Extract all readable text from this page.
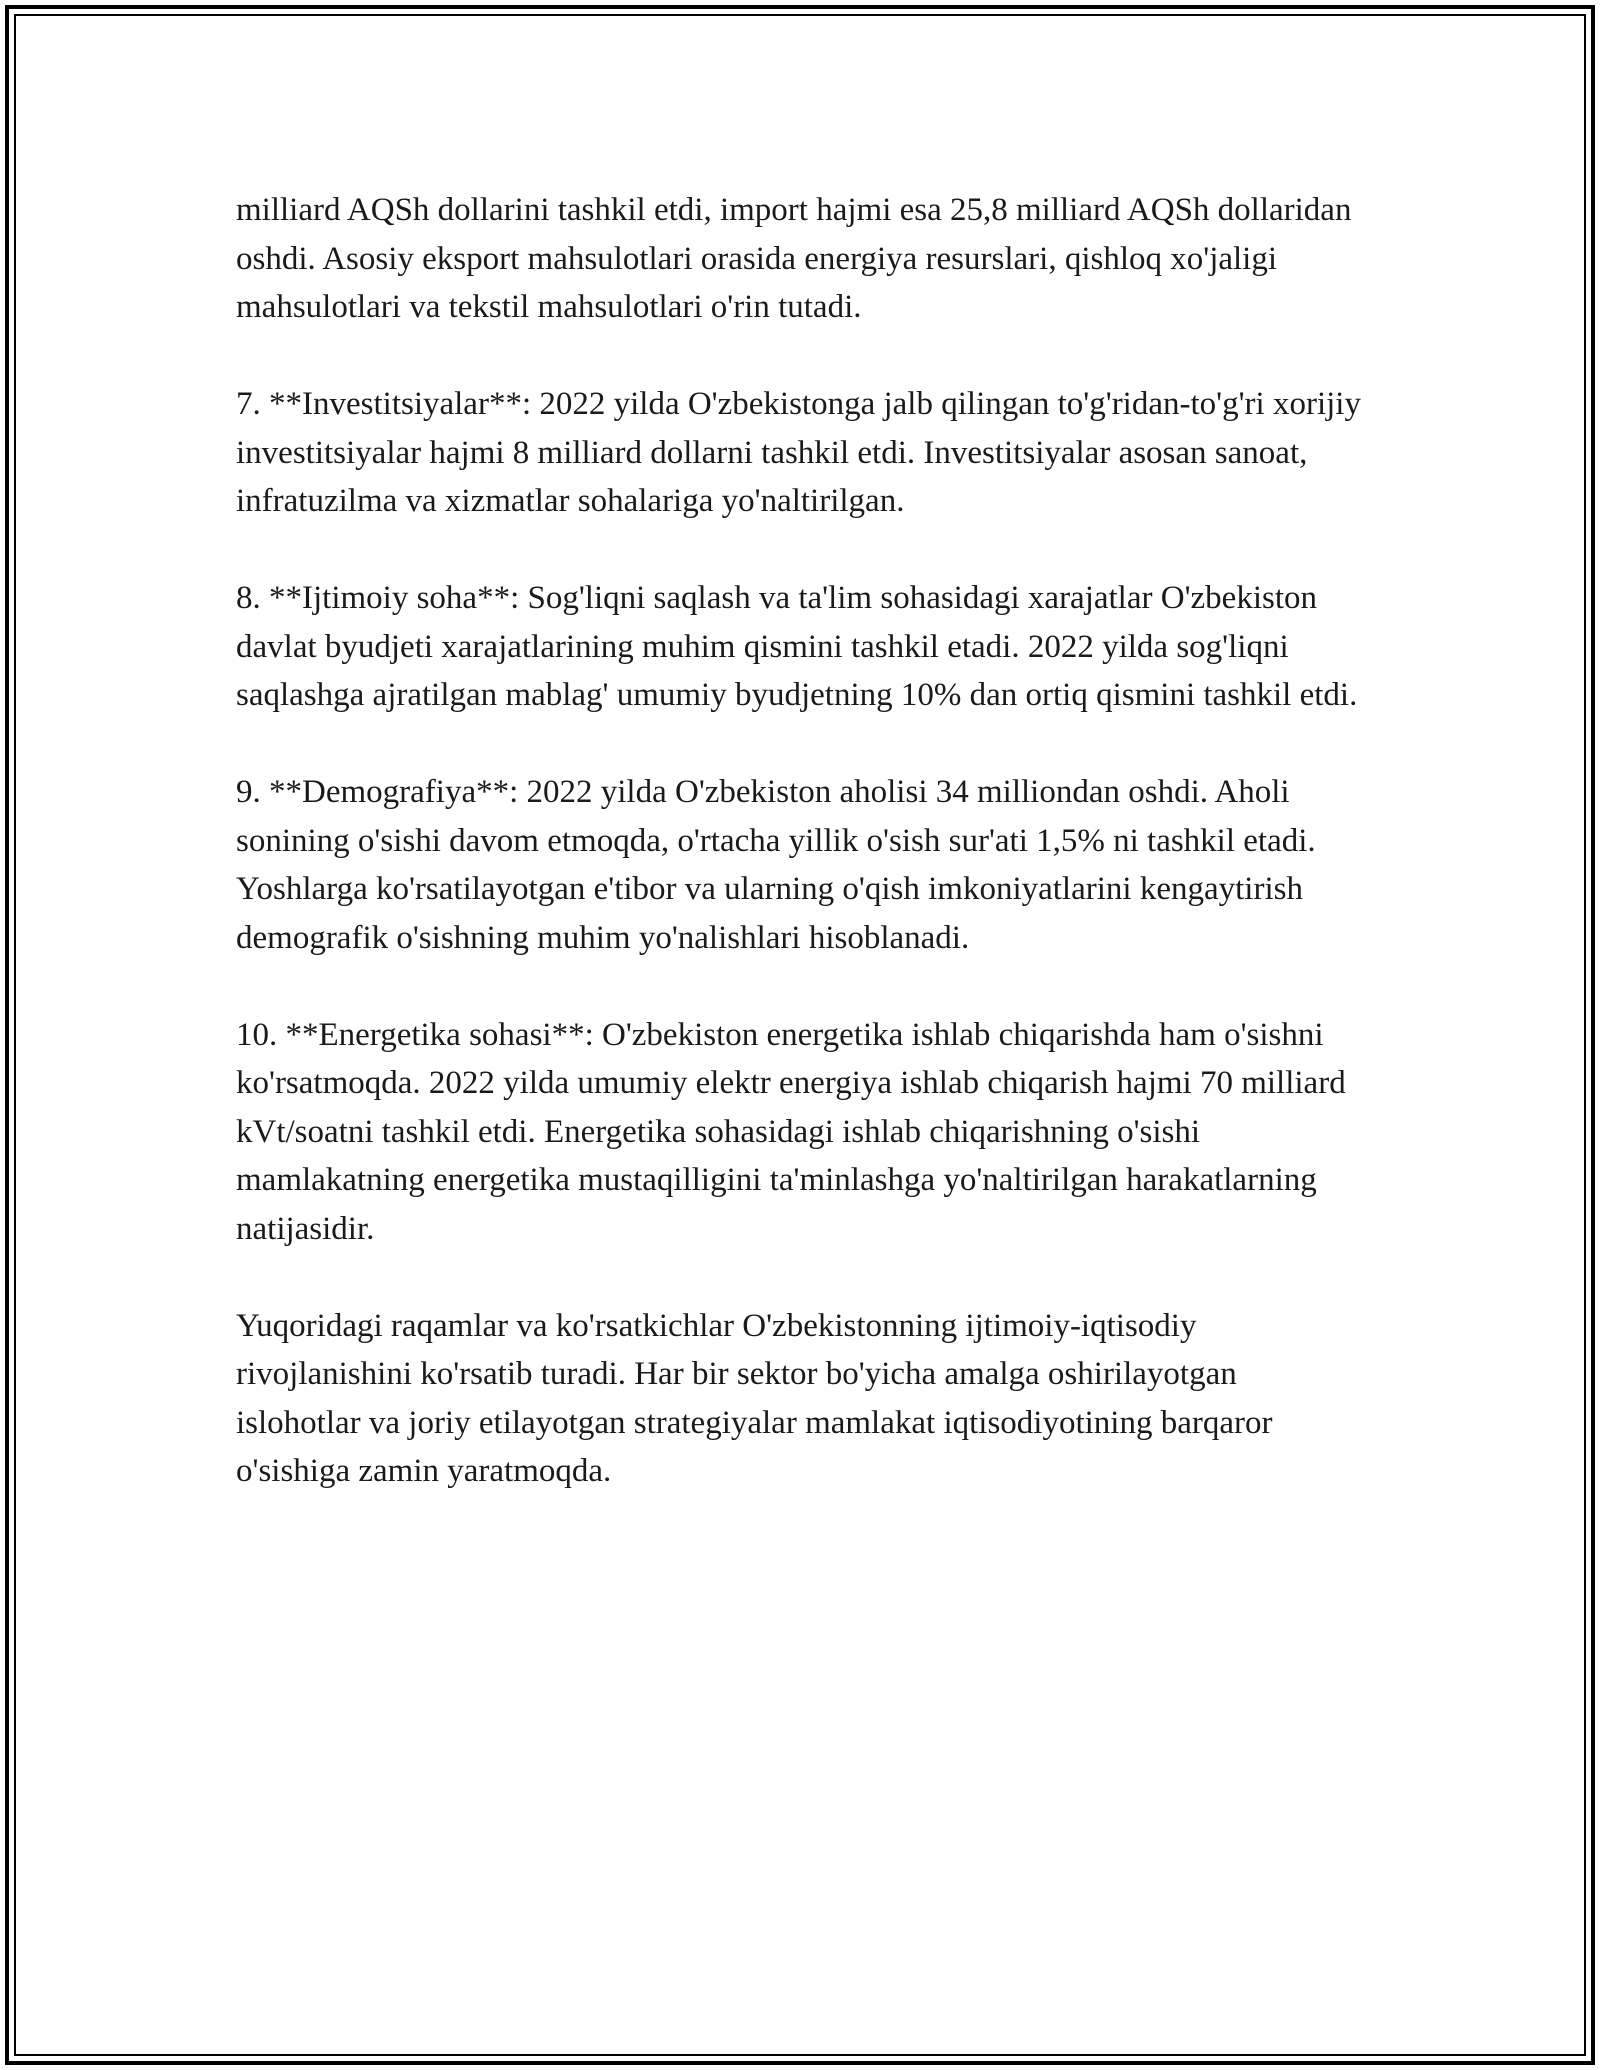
milliard AQSh dollarini tashkil etdi, import hajmi esa 25,8 milliard AQSh dollaridan oshdi. Asosiy eksport mahsulotlari orasida energiya resurslari, qishloq xo'jaligi mahsulotlari va tekstil mahsulotlari o'rin tutadi.

7. **Investitsiyalar**: 2022 yilda O'zbekistonga jalb qilingan to'g'ridan-to'g'ri xorijiy investitsiyalar hajmi 8 milliard dollarni tashkil etdi. Investitsiyalar asosan sanoat, infratuzilma va xizmatlar sohalariga yo'naltirilgan.

8. **Ijtimoiy soha**: Sog'liqni saqlash va ta'lim sohasidagi xarajatlar O'zbekiston davlat byudjeti xarajatlarining muhim qismini tashkil etadi. 2022 yilda sog'liqni saqlashga ajratilgan mablag' umumiy byudjetning 10% dan ortiq qismini tashkil etdi.

9. **Demografiya**: 2022 yilda O'zbekiston aholisi 34 milliondan oshdi. Aholi sonining o'sishi davom etmoqda, o'rtacha yillik o'sish sur'ati 1,5% ni tashkil etadi. Yoshlarga ko'rsatilayotgan e'tibor va ularning o'qish imkoniyatlarini kengaytirish demografik o'sishning muhim yo'nalishlari hisoblanadi.

10. **Energetika sohasi**: O'zbekiston energetika ishlab chiqarishda ham o'sishni ko'rsatmoqda. 2022 yilda umumiy elektr energiya ishlab chiqarish hajmi 70 milliard kVt/soatni tashkil etdi. Energetika sohasidagi ishlab chiqarishning o'sishi mamlakatning energetika mustaqilligini ta'minlashga yo'naltirilgan harakatlarning natijasidir.

Yuqoridagi raqamlar va ko'rsatkichlar O'zbekistonning ijtimoiy-iqtisodiy rivojlanishini ko'rsatib turadi. Har bir sektor bo'yicha amalga oshirilayotgan islohotlar va joriy etilayotgan strategiyalar mamlakat iqtisodiyotining barqaror o'sishiga zamin yaratmoqda.
